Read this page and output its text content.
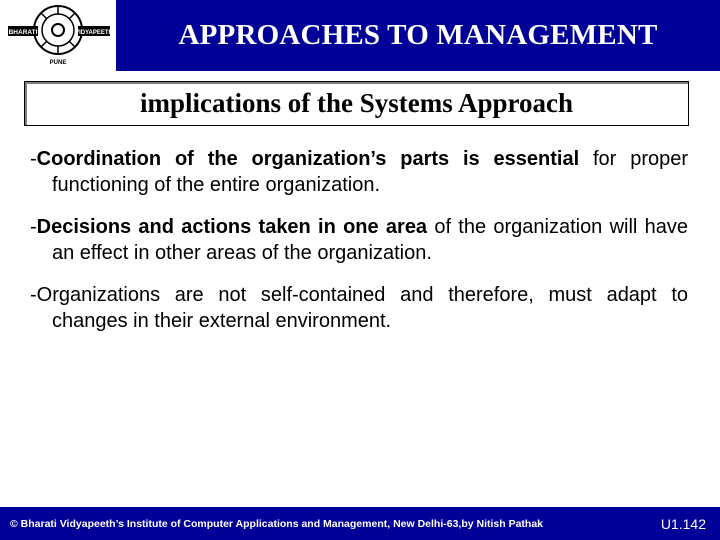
BHARATI	VIDYAPEETH
PUNE
APPROACHES TO MANAGEMENT
implications of the Systems Approach
-Coordination of the organization’s parts is essential for proper functioning of the entire organization.
-Decisions and actions taken in one area of the organization will have an effect in other areas of the organization.
-Organizations are not self-contained and therefore, must adapt to changes in their external environment.
© Bharati Vidyapeeth’s Institute of Computer Applications and Management, New Delhi-63,by Nitish Pathak	U1.142
